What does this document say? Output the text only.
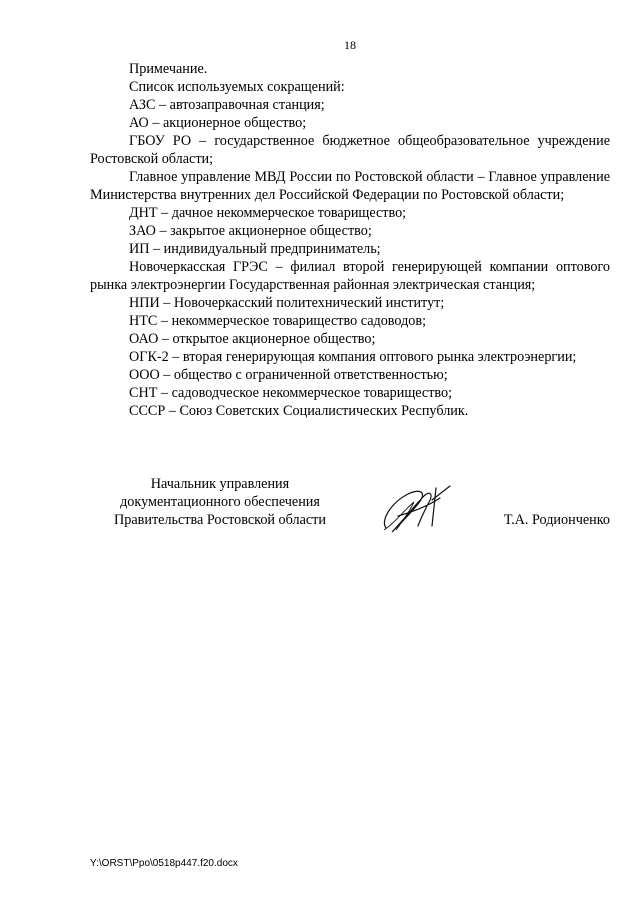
18

Примечание.

Список используемых сокращений:

АЗС – автозаправочная станция;

АО – акционерное общество;

ГБОУ РО – государственное бюджетное общеобразовательное учреждение Ростовской области;

Главное управление МВД России по Ростовской области – Главное управление Министерства внутренних дел Российской Федерации по Ростовской области;

ДНТ – дачное некоммерческое товарищество;

ЗАО – закрытое акционерное общество;

ИП – индивидуальный предприниматель;

Новочеркасская ГРЭС – филиал второй генерирующей компании оптового рынка электроэнергии Государственная районная электрическая станция;

НПИ – Новочеркасский политехнический институт;

НТС – некоммерческое товарищество садоводов;

ОАО – открытое акционерное общество;

ОГК-2 – вторая генерирующая компания оптового рынка электроэнергии;

ООО – общество с ограниченной ответственностью;

СНТ – садоводческое некоммерческое товарищество;

СССР – Союз Советских Социалистических Республик.

Начальник управления
документационного обеспечения
Правительства Ростовской области	Т.А. Родионченко
Y:\ORST\Ppo\0518p447.f20.docx
